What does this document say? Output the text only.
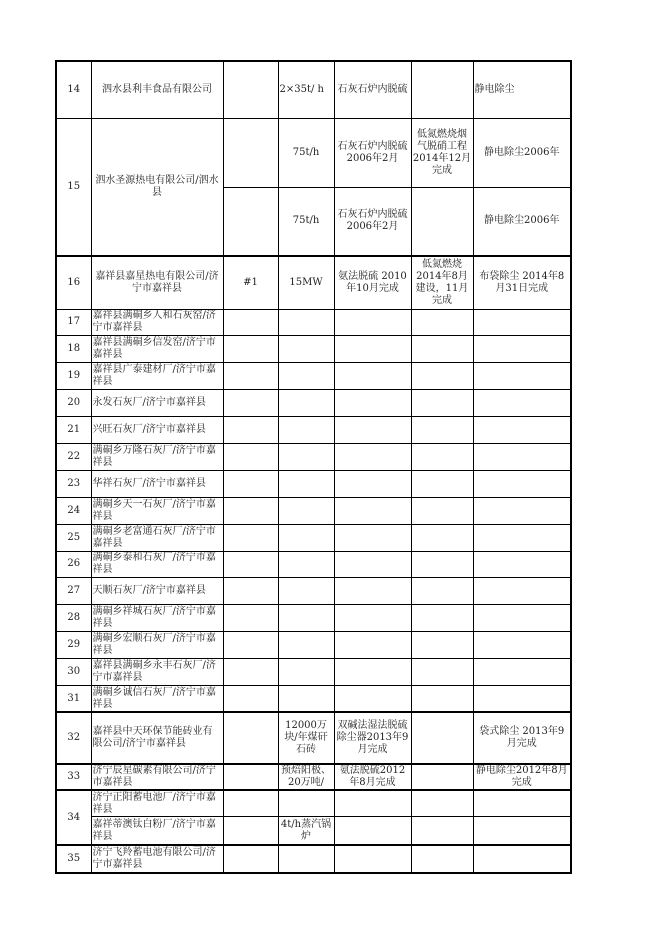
14	泗水县利丰食品有限公司		2×35t/ h	石灰石炉内脱硫		静电除尘
15	泗水圣源热电有限公司/泗水县		75t/h	石灰石炉内脱硫2006年2月	低氮燃烧烟气脱硝工程2014年12月完成	静电除尘2006年
			75t/h	石灰石炉内脱硫2006年2月		静电除尘2006年
16	嘉祥县嘉星热电有限公司/济宁市嘉祥县	#1	15MW	氨法脱硫 2010年10月完成	低氮燃烧2014年8月建设，11月完成	布袋除尘 2014年8月31日完成
17	嘉祥县满硐乡人和石灰窑/济宁市嘉祥县					
18	嘉祥县满硐乡信发窑/济宁市嘉祥县					
19	嘉祥县广泰建材厂/济宁市嘉祥县					
20	永发石灰厂/济宁市嘉祥县					
21	兴旺石灰厂/济宁市嘉祥县					
22	满硐乡万隆石灰厂/济宁市嘉祥县					
23	华祥石灰厂/济宁市嘉祥县					
24	满硐乡天一石灰厂/济宁市嘉祥县					
25	满硐乡老富通石灰厂/济宁市嘉祥县					
26	满硐乡泰和石灰厂/济宁市嘉祥县					
27	天顺石灰厂/济宁市嘉祥县					
28	满硐乡祥城石灰厂/济宁市嘉祥县					
29	满硐乡宏顺石灰厂/济宁市嘉祥县					
30	嘉祥县满硐乡永丰石灰厂/济宁市嘉祥县					
31	满硐乡诚信石灰厂/济宁市嘉祥县					
32	嘉祥县中天环保节能砖业有限公司/济宁市嘉祥县		12000万块/年煤矸石砖	双碱法湿法脱硫除尘器2013年9月完成		袋式除尘 2013年9月完成
33	济宁辰星碳素有限公司/济宁市嘉祥县		预焙阳极、20万吨/	氨法脱硫2012年8月完成		静电除尘2012年8月完成
34	济宁正阳蓄电池厂/济宁市嘉祥县					
	嘉祥蒂澳钛白粉厂/济宁市嘉祥县		4t/h蒸汽锅炉			
35	济宁飞羚蓄电池有限公司/济宁市嘉祥县					
